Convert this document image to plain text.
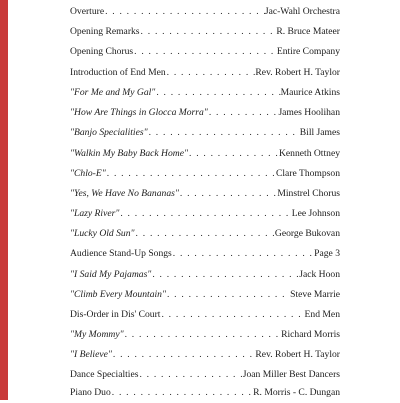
Overture . . .	Jac-Wahl Orchestra
Opening Remarks . . .	R. Bruce Mateer
Opening Chorus . . .	Entire Company
Introduction of End Men . . .	Rev. Robert H. Taylor
"For Me and My Gal" . . .	Maurice Atkins
"How Are Things in Glocca Morra" . . .	James Hoolihan
"Banjo Specialities" . . .	Bill James
"Walkin My Baby Back Home" . . .	Kenneth Ottney
"Chlo-E" . . .	Clare Thompson
"Yes, We Have No Bananas" . . .	Minstrel Chorus
"Lazy River" . . .	Lee Johnson
"Lucky Old Sun" . . .	George Bukovan
Audience Stand-Up Songs . . .	Page 3
"I Said My Pajamas" . . .	Jack Hoon
"Climb Every Mountain" . . .	Steve Marrie
Dis-Order in Dis' Court . . .	End Men
"My Mommy" . . .	Richard Morris
"I Believe" . . .	Rev. Robert H. Taylor
Dance Specialties . . .	Joan Miller Best Dancers
Piano Duo . . .	R. Morris - C. Dungan
